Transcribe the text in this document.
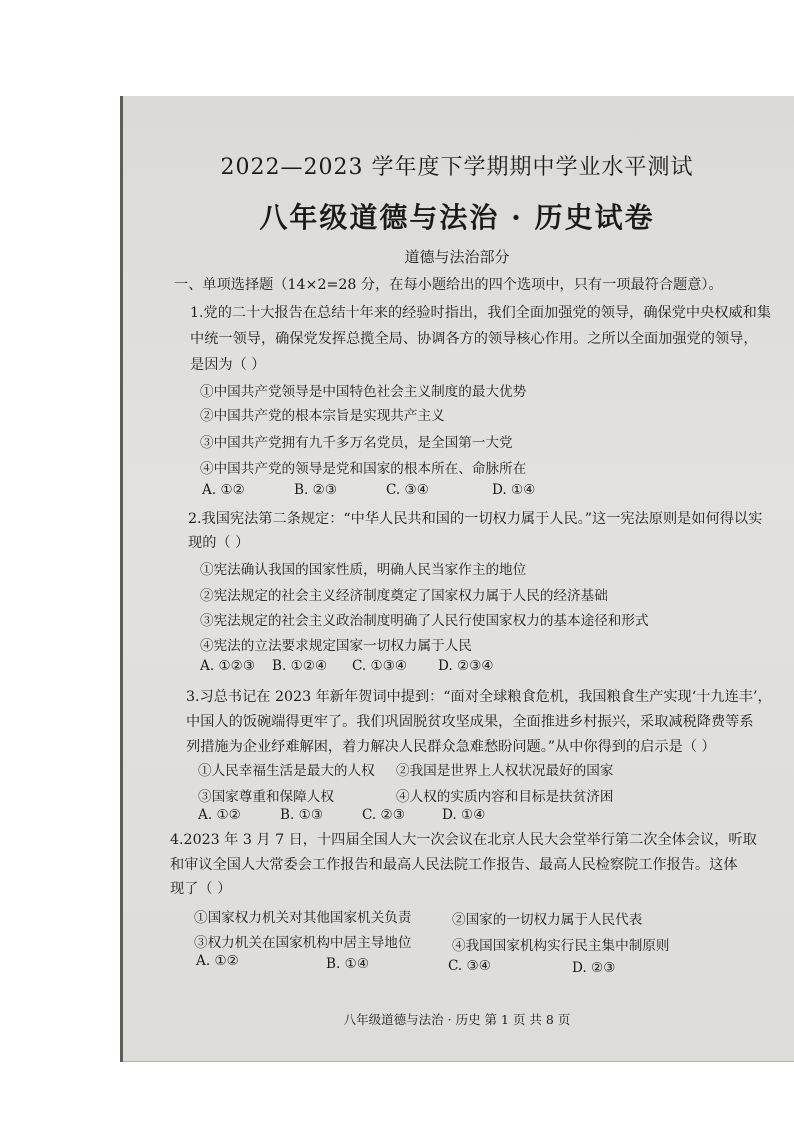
2022—2023 学年度下学期期中学业水平测试
八年级道德与法治 · 历史试卷
道德与法治部分
一、单项选择题（14×2=28 分，在每小题给出的四个选项中，只有一项最符合题意）。
1.党的二十大报告在总结十年来的经验时指出，我们全面加强党的领导，确保党中央权威和集
中统一领导，确保党发挥总揽全局、协调各方的领导核心作用。之所以全面加强党的领导，
是因为（ ）
①中国共产党领导是中国特色社会主义制度的最大优势
②中国共产党的根本宗旨是实现共产主义
③中国共产党拥有九千多万名党员，是全国第一大党
④中国共产党的领导是党和国家的根本所在、命脉所在
A. ①②	B. ②③	C. ③④	D. ①④
2.我国宪法第二条规定：“中华人民共和国的一切权力属于人民。”这一宪法原则是如何得以实
现的（ ）
①宪法确认我国的国家性质，明确人民当家作主的地位
②宪法规定的社会主义经济制度奠定了国家权力属于人民的经济基础
③宪法规定的社会主义政治制度明确了人民行使国家权力的基本途径和形式
④宪法的立法要求规定国家一切权力属于人民
A. ①②③ B. ①②④ C. ①③④ D. ②③④
3.习总书记在 2023 年新年贺词中提到：“面对全球粮食危机，我国粮食生产实现‘十九连丰’，
中国人的饭碗端得更牢了。我们巩固脱贫攻坚成果，全面推进乡村振兴，采取减税降费等系
列措施为企业纾难解困，着力解决人民群众急难愁盼问题。”从中你得到的启示是（ ）
①人民幸福生活是最大的人权 ②我国是世界上人权状况最好的国家
③国家尊重和保障人权	④人权的实质内容和目标是扶贫济困
A. ①②	B. ①③	C. ②③	D. ①④
4.2023 年 3 月 7 日，十四届全国人大一次会议在北京人民大会堂举行第二次全体会议，听取
和审议全国人大常委会工作报告和最高人民法院工作报告、最高人民检察院工作报告。这体
现了（ ）
①国家权力机关对其他国家机关负责	②国家的一切权力属于人民代表
③权力机关在国家机构中居主导地位	④我国国家机构实行民主集中制原则
A. ①②	B. ①④	C. ③④	D. ②③
八年级道德与法治 · 历史 第 1 页 共 8 页
